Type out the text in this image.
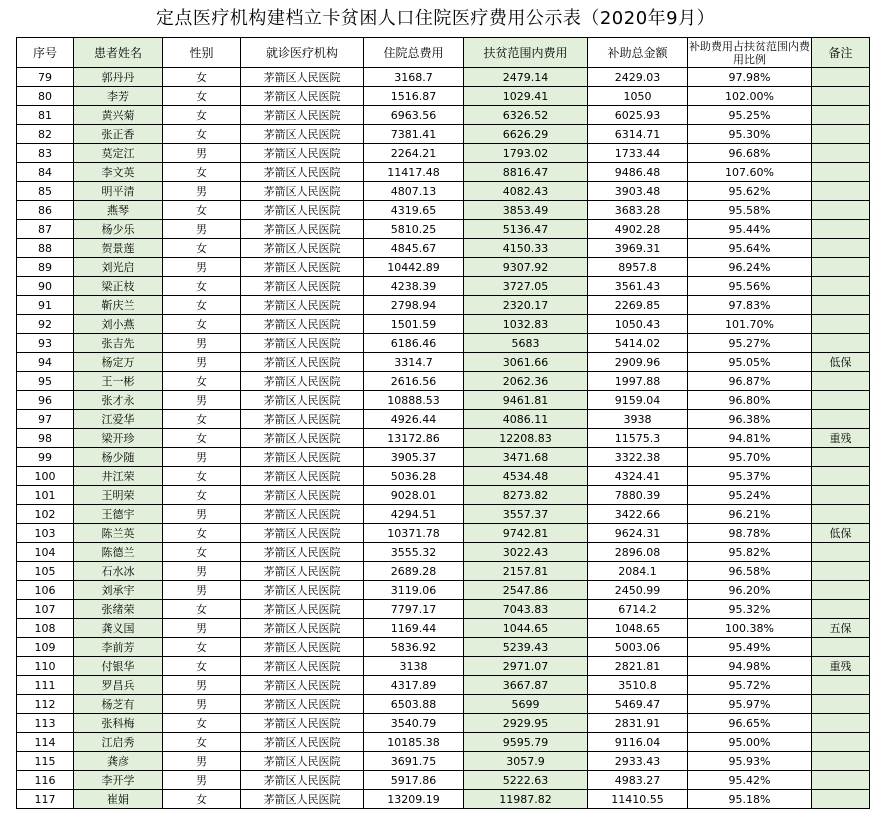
定点医疗机构建档立卡贫困人口住院医疗费用公示表（2020年9月）
序号	患者姓名	性别	就诊医疗机构	住院总费用	扶贫范围内费用	补助总金额	补助费用占扶贫范围内费用比例	备注
79	郭丹丹	女	茅箭区人民医院	3168.7	2479.14	2429.03	97.98%	
80	李芳	女	茅箭区人民医院	1516.87	1029.41	1050	102.00%	
81	黄兴菊	女	茅箭区人民医院	6963.56	6326.52	6025.93	95.25%	
82	张正香	女	茅箭区人民医院	7381.41	6626.29	6314.71	95.30%	
83	莫定江	男	茅箭区人民医院	2264.21	1793.02	1733.44	96.68%	
84	李文英	女	茅箭区人民医院	11417.48	8816.47	9486.48	107.60%	
85	明平清	男	茅箭区人民医院	4807.13	4082.43	3903.48	95.62%	
86	燕琴	女	茅箭区人民医院	4319.65	3853.49	3683.28	95.58%	
87	杨少乐	男	茅箭区人民医院	5810.25	5136.47	4902.28	95.44%	
88	贺景莲	女	茅箭区人民医院	4845.67	4150.33	3969.31	95.64%	
89	刘光启	男	茅箭区人民医院	10442.89	9307.92	8957.8	96.24%	
90	梁正枝	女	茅箭区人民医院	4238.39	3727.05	3561.43	95.56%	
91	靳庆兰	女	茅箭区人民医院	2798.94	2320.17	2269.85	97.83%	
92	刘小燕	女	茅箭区人民医院	1501.59	1032.83	1050.43	101.70%	
93	张吉先	男	茅箭区人民医院	6186.46	5683	5414.02	95.27%	
94	杨定万	男	茅箭区人民医院	3314.7	3061.66	2909.96	95.05%	低保
95	王一彬	女	茅箭区人民医院	2616.56	2062.36	1997.88	96.87%	
96	张才永	男	茅箭区人民医院	10888.53	9461.81	9159.04	96.80%	
97	江爱华	女	茅箭区人民医院	4926.44	4086.11	3938	96.38%	
98	梁开珍	女	茅箭区人民医院	13172.86	12208.83	11575.3	94.81%	重残
99	杨少随	男	茅箭区人民医院	3905.37	3471.68	3322.38	95.70%	
100	井江荣	女	茅箭区人民医院	5036.28	4534.48	4324.41	95.37%	
101	王明荣	女	茅箭区人民医院	9028.01	8273.82	7880.39	95.24%	
102	王德宇	男	茅箭区人民医院	4294.51	3557.37	3422.66	96.21%	
103	陈兰英	女	茅箭区人民医院	10371.78	9742.81	9624.31	98.78%	低保
104	陈德兰	女	茅箭区人民医院	3555.32	3022.43	2896.08	95.82%	
105	石水冰	男	茅箭区人民医院	2689.28	2157.81	2084.1	96.58%	
106	刘承宇	男	茅箭区人民医院	3119.06	2547.86	2450.99	96.20%	
107	张绪荣	女	茅箭区人民医院	7797.17	7043.83	6714.2	95.32%	
108	龚义国	男	茅箭区人民医院	1169.44	1044.65	1048.65	100.38%	五保
109	李前芳	女	茅箭区人民医院	5836.92	5239.43	5003.06	95.49%	
110	付银华	女	茅箭区人民医院	3138	2971.07	2821.81	94.98%	重残
111	罗昌兵	男	茅箭区人民医院	4317.89	3667.87	3510.8	95.72%	
112	杨芝有	男	茅箭区人民医院	6503.88	5699	5469.47	95.97%	
113	张科梅	女	茅箭区人民医院	3540.79	2929.95	2831.91	96.65%	
114	江启秀	女	茅箭区人民医院	10185.38	9595.79	9116.04	95.00%	
115	龚彦	男	茅箭区人民医院	3691.75	3057.9	2933.43	95.93%	
116	李开学	男	茅箭区人民医院	5917.86	5222.63	4983.27	95.42%	
117	崔娟	女	茅箭区人民医院	13209.19	11987.82	11410.55	95.18%	
